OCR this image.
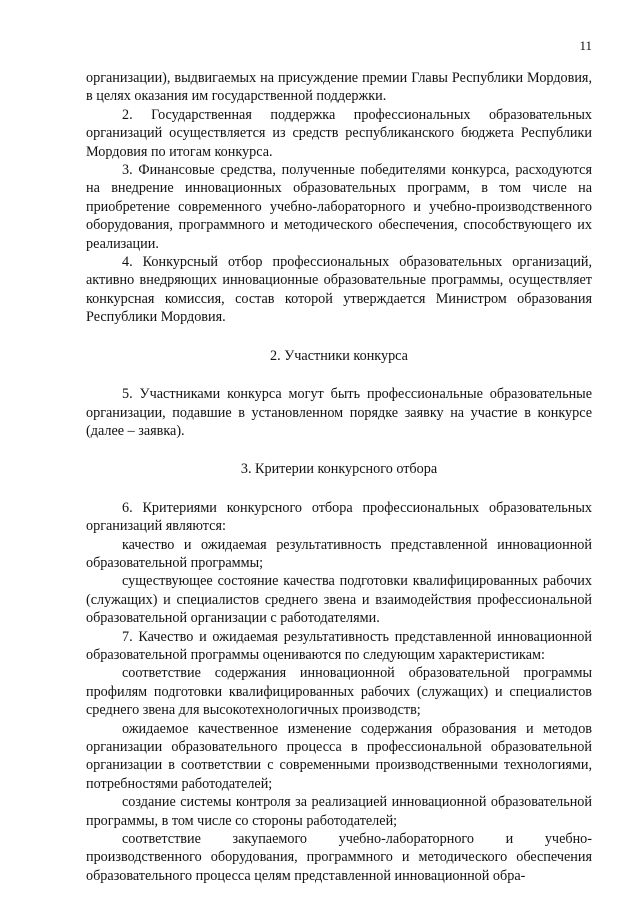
11

организации), выдвигаемых на присуждение премии Главы Республики Мордовия, в целях оказания им государственной поддержки.

2. Государственная поддержка профессиональных образовательных организаций осуществляется из средств республиканского бюджета Республики Мордовия по итогам конкурса.

3. Финансовые средства, полученные победителями конкурса, расходуются на внедрение инновационных образовательных программ, в том числе на приобретение современного учебно-лабораторного и учебно-производственного оборудования, программного и методического обеспечения, способствующего их реализации.

4. Конкурсный отбор профессиональных образовательных организаций, активно внедряющих инновационные образовательные программы, осуществляет конкурсная комиссия, состав которой утверждается Министром образования Республики Мордовия.

2. Участники конкурса

5. Участниками конкурса могут быть профессиональные образовательные организации, подавшие в установленном порядке заявку на участие в конкурсе (далее – заявка).

3. Критерии конкурсного отбора

6. Критериями конкурсного отбора профессиональных образовательных организаций являются:

качество и ожидаемая результативность представленной инновационной образовательной программы;

существующее состояние качества подготовки квалифицированных рабочих (служащих) и специалистов среднего звена и взаимодействия профессиональной образовательной организации с работодателями.

7. Качество и ожидаемая результативность представленной инновационной образовательной программы оцениваются по следующим характеристикам:

соответствие содержания инновационной образовательной программы профилям подготовки квалифицированных рабочих (служащих) и специалистов среднего звена для высокотехнологичных производств;

ожидаемое качественное изменение содержания образования и методов организации образовательного процесса в профессиональной образовательной организации в соответствии с современными производственными технологиями, потребностями работодателей;

создание системы контроля за реализацией инновационной образовательной программы, в том числе со стороны работодателей;

соответствие закупаемого учебно-лабораторного и учебно-производственного оборудования, программного и методического обеспечения образовательного процесса целям представленной инновационной обра-
